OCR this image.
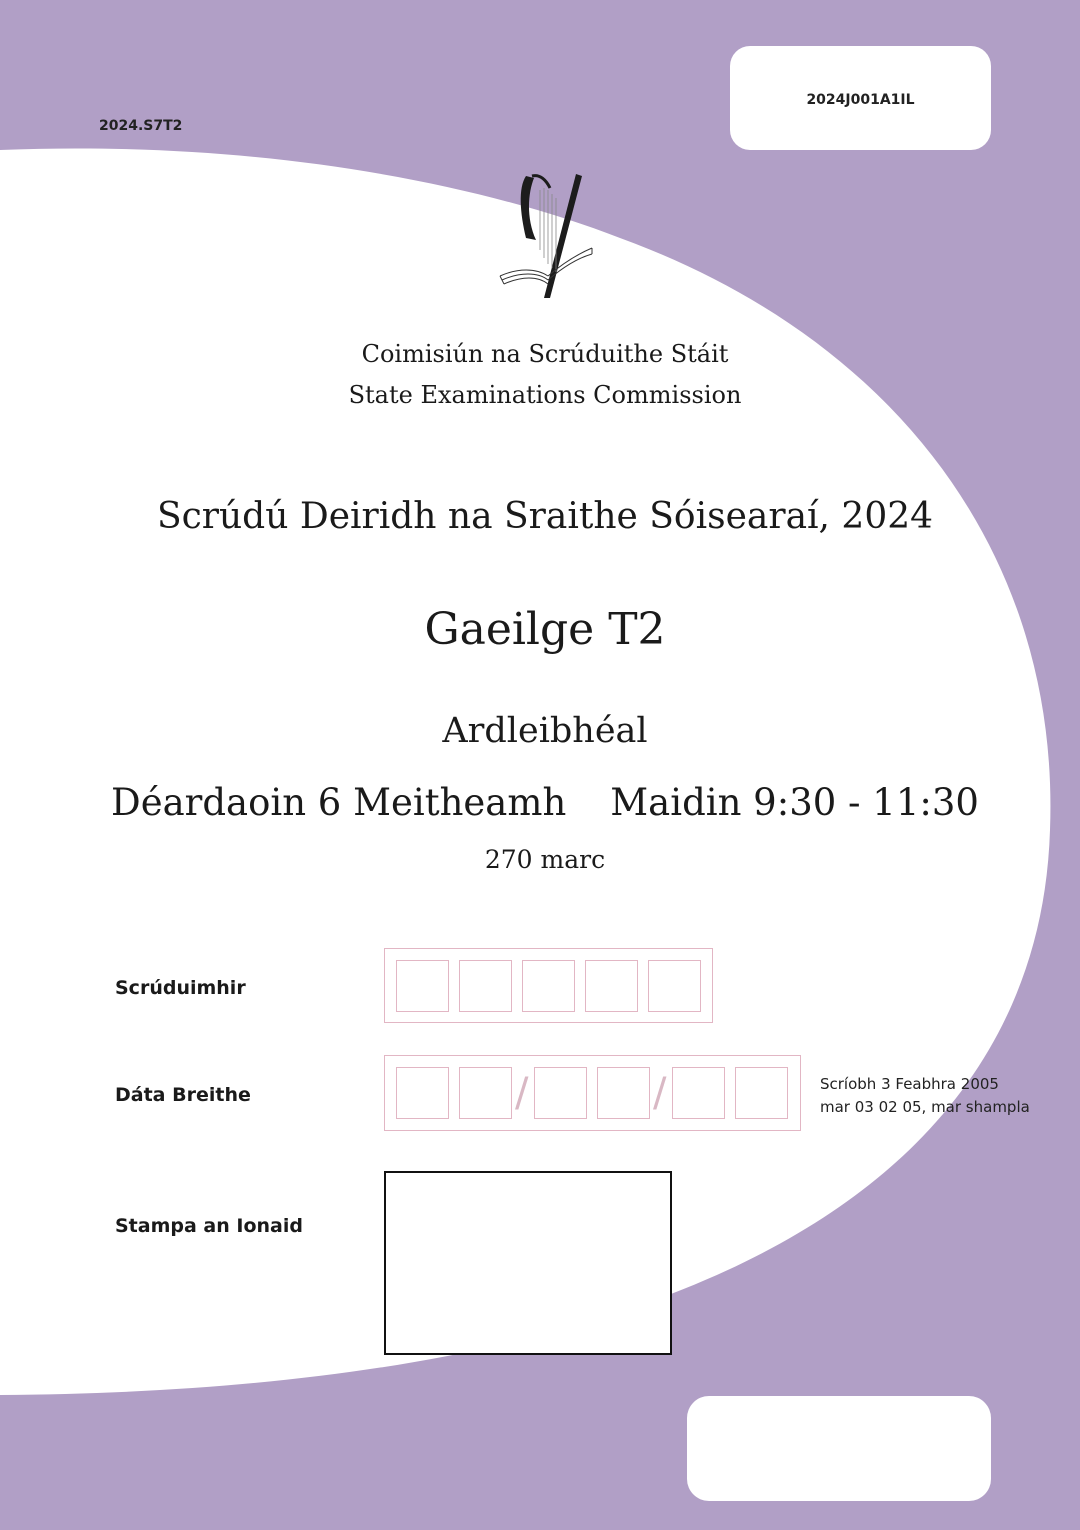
2024.S7T2
2024J001A1IL
Coimisiún na Scrúduithe Stáit
State Examinations Commission
Scrúdú Deiridh na Sraithe Sóisearaí, 2024
Gaeilge T2
Ardleibhéal
Déardaoin 6 Meitheamh Maidin 9:30 - 11:30
270 marc
Scrúduimhir
Dáta Breithe	/	/	Scríobh 3 Feabhra 2005
mar 03 02 05, mar shampla
Stampa an Ionaid
